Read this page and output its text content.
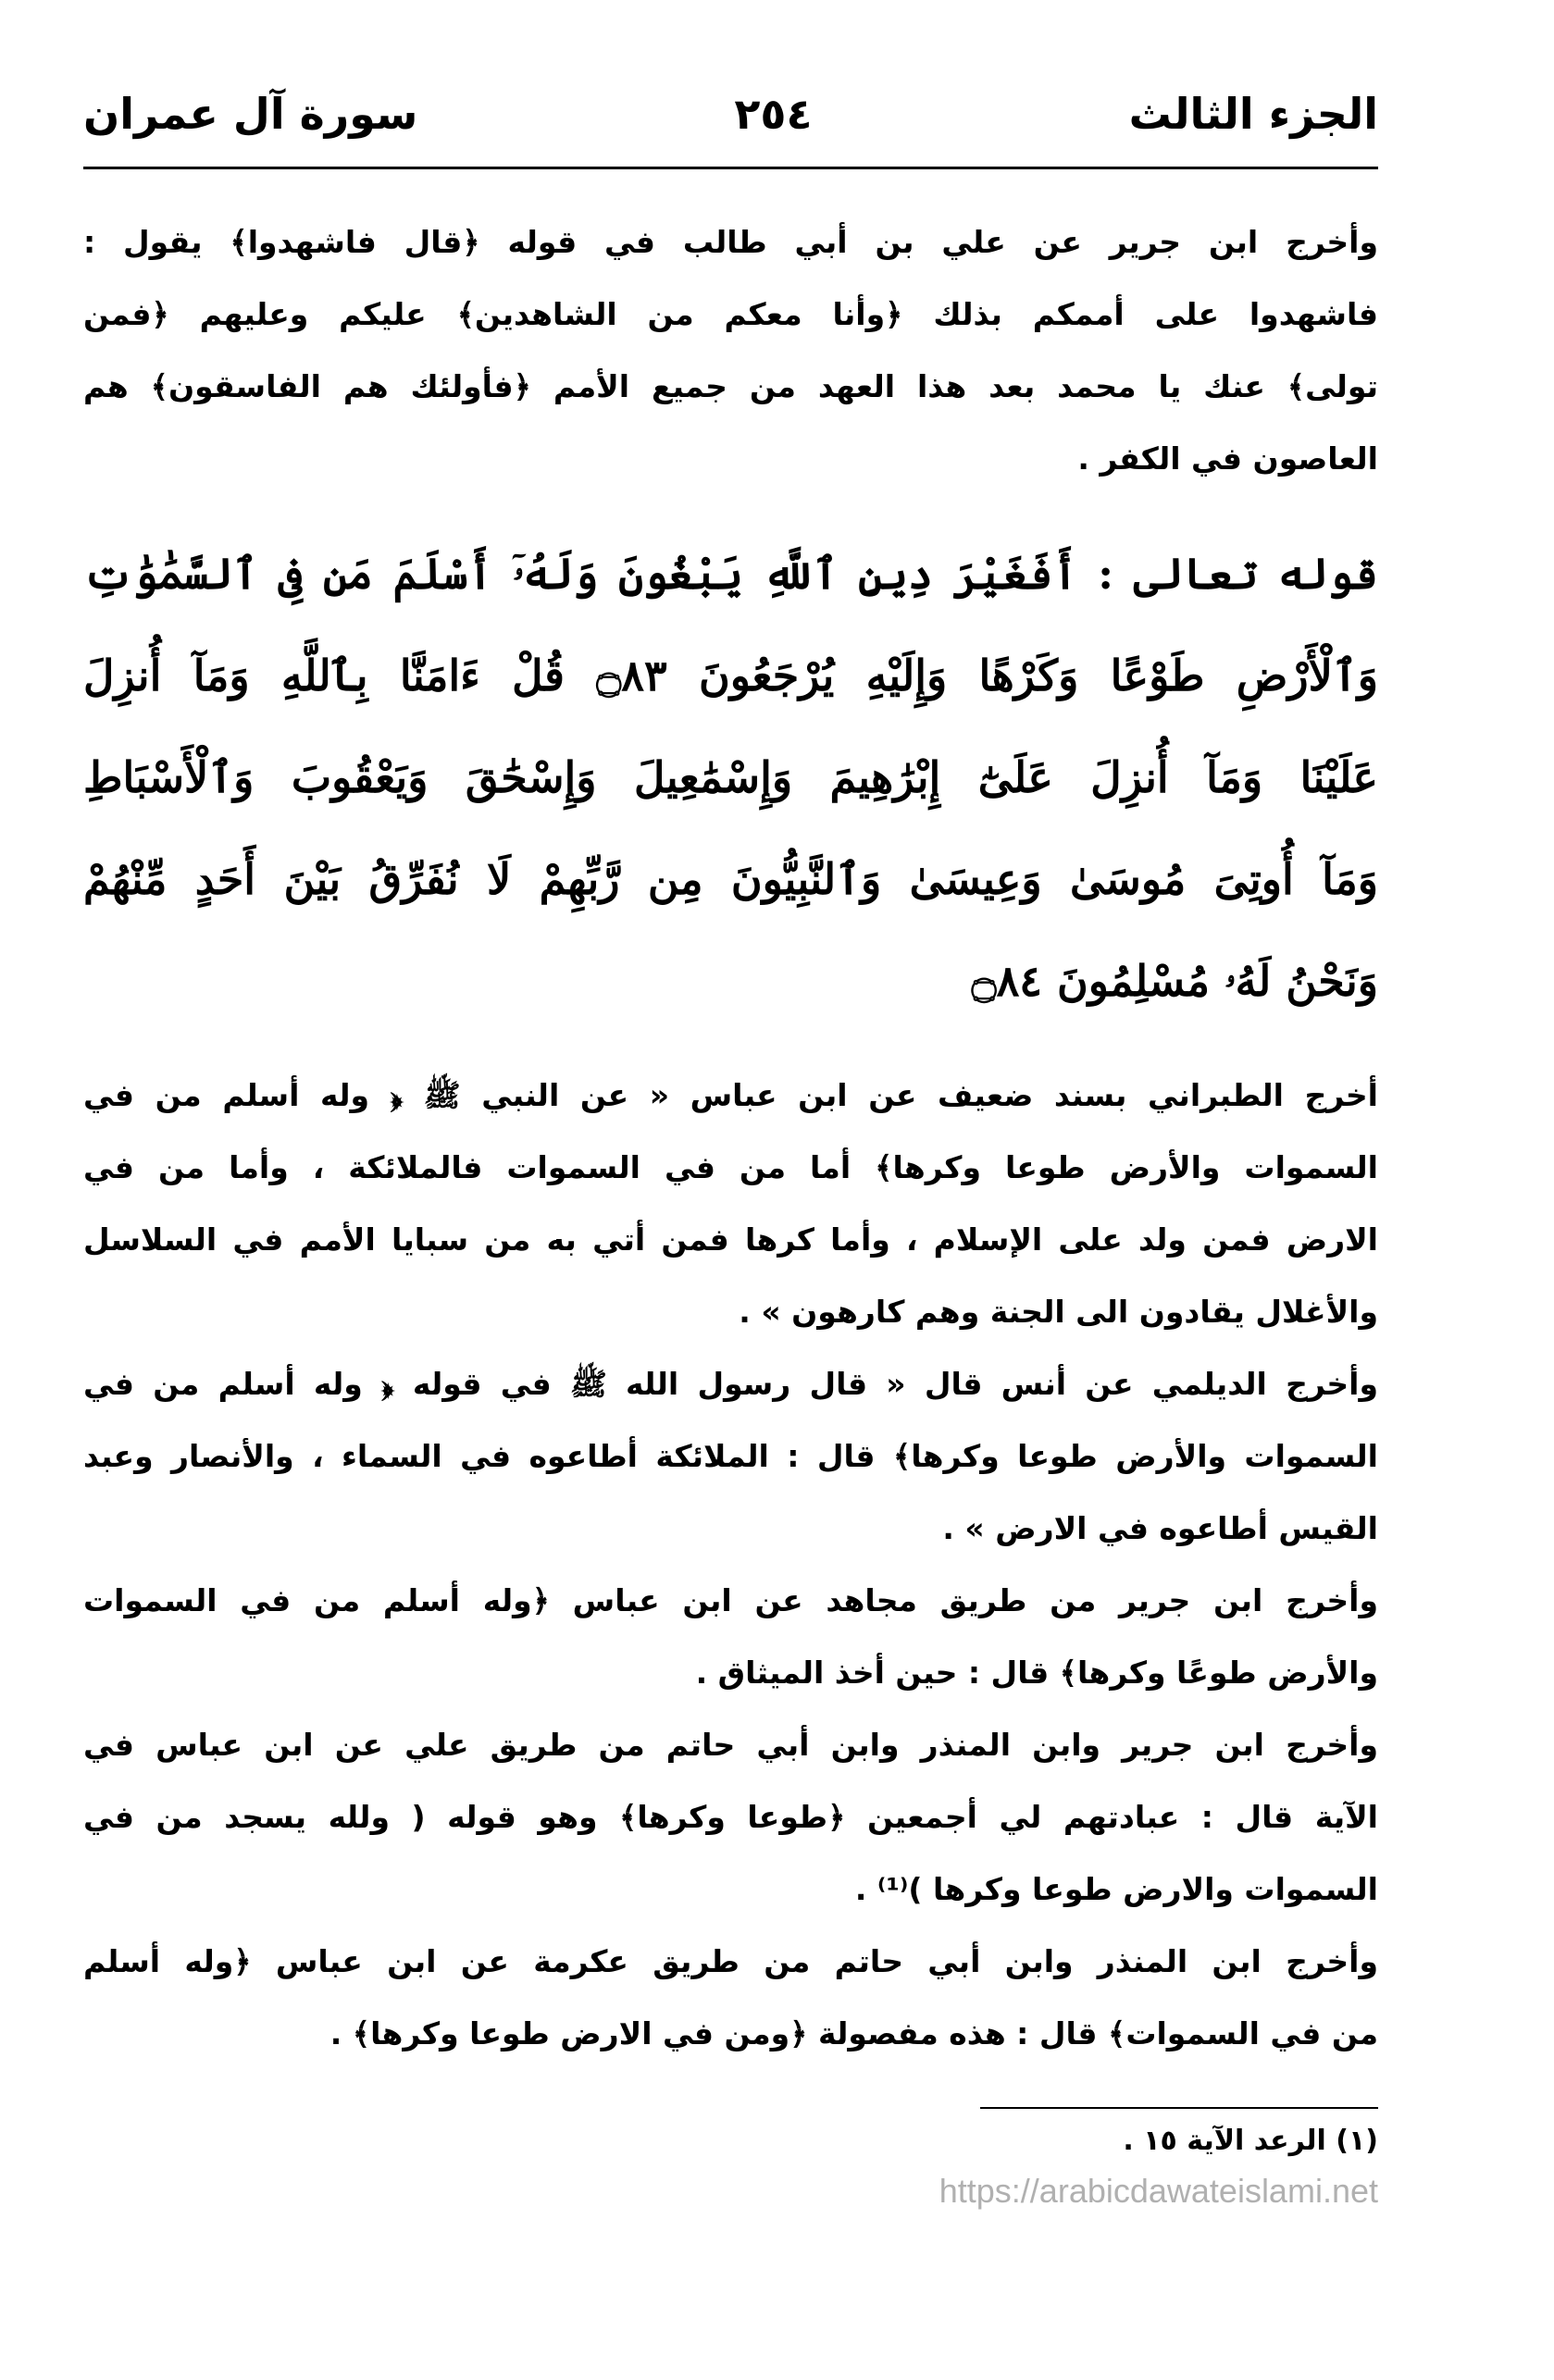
الجزء الثالث
٢٥٤
سورة آل عمران
وأخرج ابن جرير عن علي بن أبي طالب في قوله ﴿قال فاشهدوا﴾ يقول :
فاشهدوا على أممكم بذلك ﴿وأنا معكم من الشاهدين﴾ عليكم وعليهم ﴿فمن
تولى﴾ عنك يا محمد بعد هذا العهد من جميع الأمم ﴿فأولئك هم الفاسقون﴾ هم
العاصون في الكفر .
قوله تعالى : أَفَغَيْرَ دِينِ ٱللَّهِ يَبْغُونَ وَلَهُۥٓ أَسْلَمَ مَن فِى ٱلسَّمَٰوَٰتِ
وَٱلْأَرْضِ طَوْعًا وَكَرْهًا وَإِلَيْهِ يُرْجَعُونَ ۝٨٣ قُلْ ءَامَنَّا بِٱللَّهِ وَمَآ أُنزِلَ
عَلَيْنَا وَمَآ أُنزِلَ عَلَىٰٓ إِبْرَٰهِيمَ وَإِسْمَٰعِيلَ وَإِسْحَٰقَ وَيَعْقُوبَ وَٱلْأَسْبَاطِ
وَمَآ أُوتِىَ مُوسَىٰ وَعِيسَىٰ وَٱلنَّبِيُّونَ مِن رَّبِّهِمْ لَا نُفَرِّقُ بَيْنَ أَحَدٍ مِّنْهُمْ
وَنَحْنُ لَهُۥ مُسْلِمُونَ ۝٨٤
أخرج الطبراني بسند ضعيف عن ابن عباس « عن النبي ﷺ ﴿ وله أسلم من في
السموات والأرض طوعا وكرها﴾ أما من في السموات فالملائكة ، وأما من في
الارض فمن ولد على الإسلام ، وأما كرها فمن أتي به من سبايا الأمم في السلاسل
والأغلال يقادون الى الجنة وهم كارهون » .
وأخرج الديلمي عن أنس قال « قال رسول الله ﷺ في قوله ﴿ وله أسلم من في
السموات والأرض طوعا وكرها﴾ قال : الملائكة أطاعوه في السماء ، والأنصار وعبد
القيس أطاعوه في الارض » .
وأخرج ابن جرير من طريق مجاهد عن ابن عباس ﴿وله أسلم من في السموات
والأرض طوعًا وكرها﴾ قال : حين أخذ الميثاق .
وأخرج ابن جرير وابن المنذر وابن أبي حاتم من طريق علي عن ابن عباس في
الآية قال : عبادتهم لي أجمعين ﴿طوعا وكرها﴾ وهو قوله ( ولله يسجد من في
السموات والارض طوعا وكرها )⁽¹⁾ .
وأخرج ابن المنذر وابن أبي حاتم من طريق عكرمة عن ابن عباس ﴿وله أسلم
من في السموات﴾ قال : هذه مفصولة ﴿ومن في الارض طوعا وكرها﴾ .
(١) الرعد الآية ١٥ .
https://arabicdawateislami.net
